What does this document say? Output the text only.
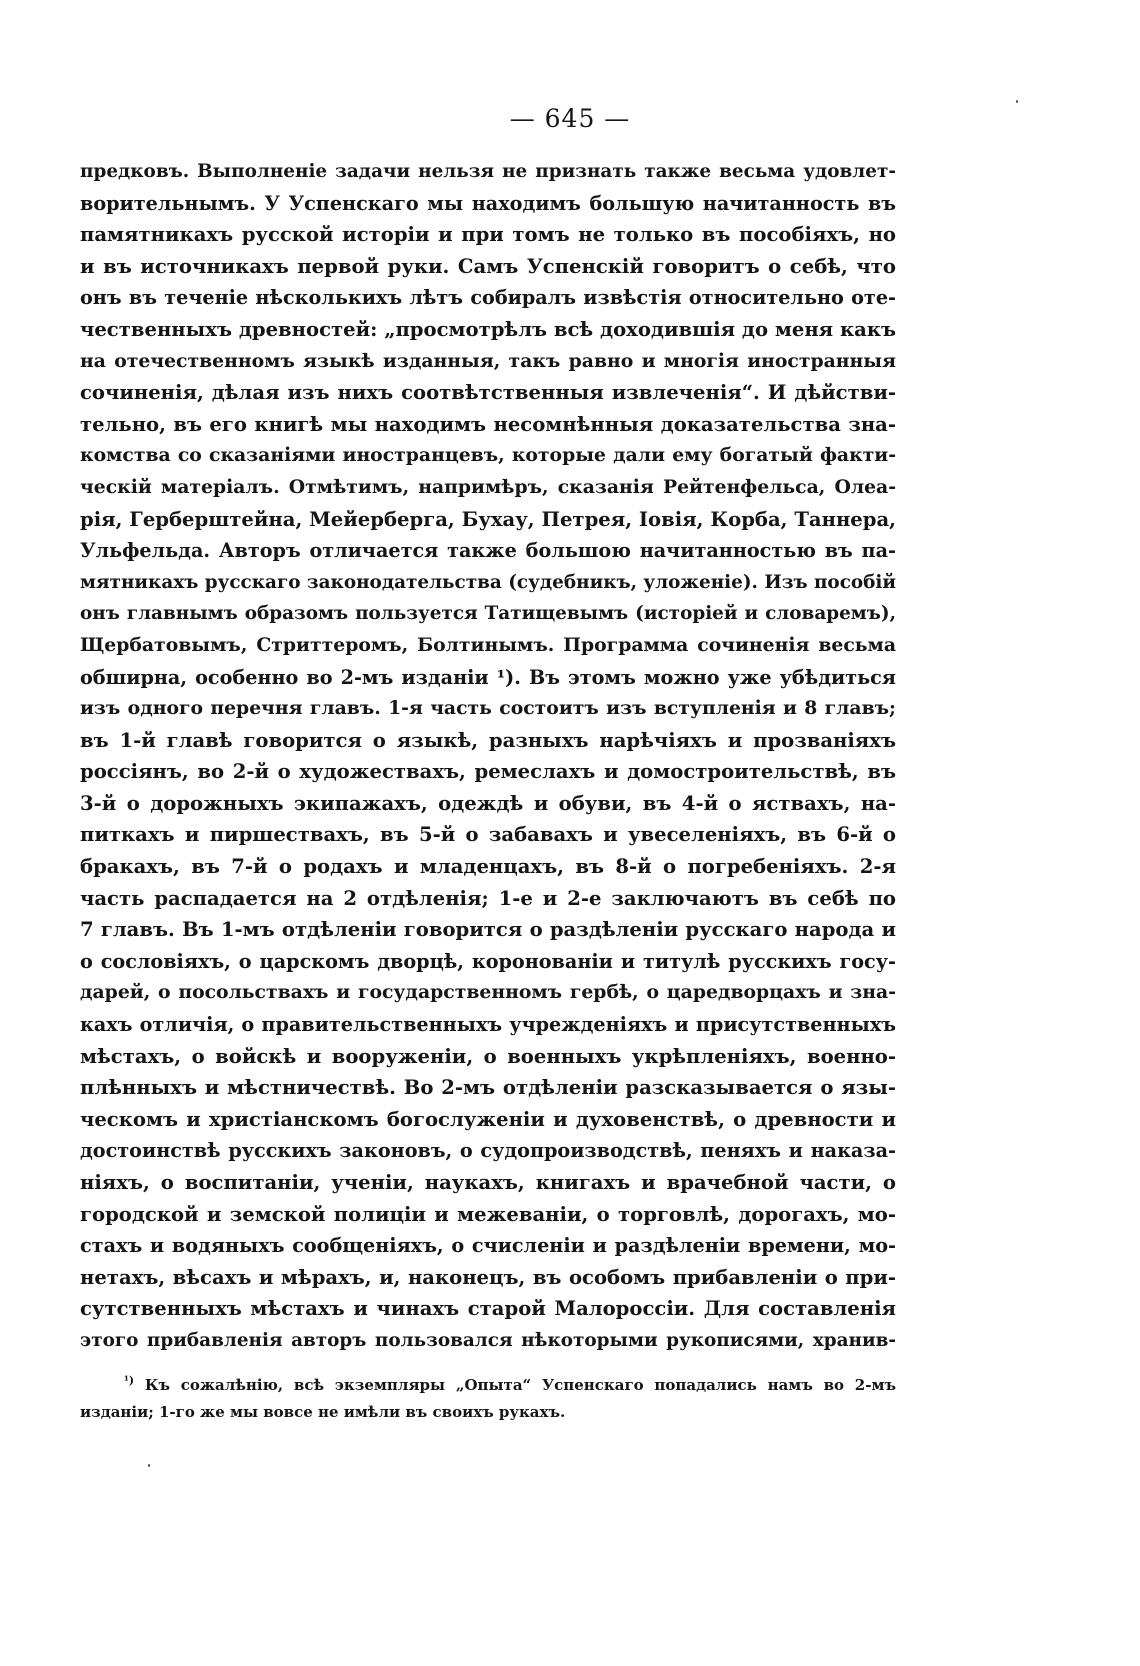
— 645 —
предковъ. Выполненіе задачи нельзя не признать также весьма удовлет-
ворительнымъ. У Успенскаго мы находимъ большую начитанность въ
памятникахъ русской исторіи и при томъ не только въ пособіяхъ, но
и въ источникахъ первой руки. Самъ Успенскій говоритъ о себѣ, что
онъ въ теченіе нѣсколькихъ лѣтъ собиралъ извѣстія относительно оте-
чественныхъ древностей: „просмотрѣлъ всѣ доходившія до меня какъ
на отечественномъ языкѣ изданныя, такъ равно и многія иностранныя
сочиненія, дѣлая изъ нихъ соотвѣтственныя извлеченія“. И дѣйстви-
тельно, въ его книгѣ мы находимъ несомнѣнныя доказательства зна-
комства со сказаніями иностранцевъ, которые дали ему богатый факти-
ческій матеріалъ. Отмѣтимъ, напримѣръ, сказанія Рейтенфельса, Олеа-
рія, Герберштейна, Мейерберга, Бухау, Петрея, Іовія, Корба, Таннера,
Ульфельда. Авторъ отличается также большою начитанностью въ па-
мятникахъ русскаго законодательства (судебникъ, уложеніе). Изъ пособій
онъ главнымъ образомъ пользуется Татищевымъ (исторіей и словаремъ),
Щербатовымъ, Стриттеромъ, Болтинымъ. Программа сочиненія весьма
обширна, особенно во 2-мъ изданіи ¹). Въ этомъ можно уже убѣдиться
изъ одного перечня главъ. 1-я часть состоитъ изъ вступленія и 8 главъ;
въ 1-й главѣ говорится о языкѣ, разныхъ нарѣчіяхъ и прозваніяхъ
россіянъ, во 2-й о художествахъ, ремеслахъ и домостроительствѣ, въ
3-й о дорожныхъ экипажахъ, одеждѣ и обуви, въ 4-й о яствахъ, на-
питкахъ и пиршествахъ, въ 5-й о забавахъ и увеселеніяхъ, въ 6-й о
бракахъ, въ 7-й о родахъ и младенцахъ, въ 8-й о погребеніяхъ. 2-я
часть распадается на 2 отдѣленія; 1-е и 2-е заключаютъ въ себѣ по
7 главъ. Въ 1-мъ отдѣленіи говорится о раздѣленіи русскаго народа и
о сословіяхъ, о царскомъ дворцѣ, коронованіи и титулѣ русскихъ госу-
дарей, о посольствахъ и государственномъ гербѣ, о царедворцахъ и зна-
кахъ отличія, о правительственныхъ учрежденіяхъ и присутственныхъ
мѣстахъ, о войскѣ и вооруженіи, о военныхъ укрѣпленіяхъ, военно-
плѣнныхъ и мѣстничествѣ. Во 2-мъ отдѣленіи разсказывается о язы-
ческомъ и христіанскомъ богослуженіи и духовенствѣ, о древности и
достоинствѣ русскихъ законовъ, о судопроизводствѣ, пеняхъ и наказа-
ніяхъ, о воспитаніи, ученіи, наукахъ, книгахъ и врачебной части, о
городской и земской полиціи и межеваніи, о торговлѣ, дорогахъ, мо-
стахъ и водяныхъ сообщеніяхъ, о счисленіи и раздѣленіи времени, мо-
нетахъ, вѣсахъ и мѣрахъ, и, наконецъ, въ особомъ прибавленіи о при-
сутственныхъ мѣстахъ и чинахъ старой Малороссіи. Для составленія
этого прибавленія авторъ пользовался нѣкоторыми рукописями, хранив-
$^{^1)}$ Къ сожалѣнію, всѣ экземпляры „Опыта“ Успенскаго попадались намъ во 2-мъ
изданіи; 1-го же мы вовсе не имѣли въ своихъ рукахъ.
